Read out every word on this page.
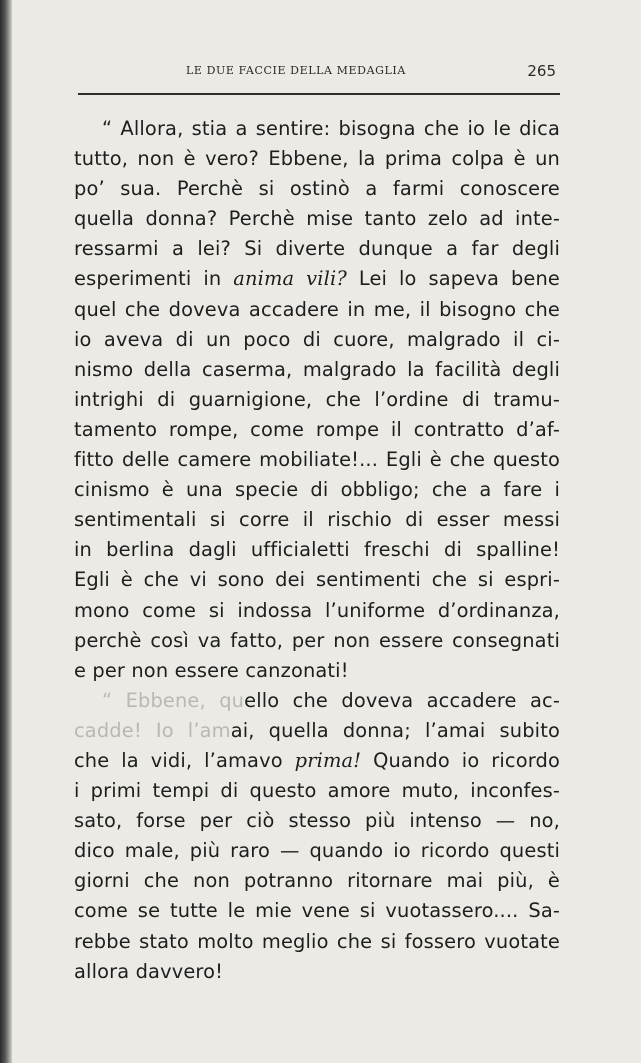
LE DUE FACCIE DELLA MEDAGLIA	265
“ Allora, stia a sentire: bisogna che io le dica
tutto, non è vero? Ebbene, la prima colpa è un
po’ sua. Perchè si ostinò a farmi conoscere
quella donna? Perchè mise tanto zelo ad inte-
ressarmi a lei? Si diverte dunque a far degli
esperimenti in anima vili? Lei lo sapeva bene
quel che doveva accadere in me, il bisogno che
io aveva di un poco di cuore, malgrado il ci-
nismo della caserma, malgrado la facilità degli
intrighi di guarnigione, che l’ordine di tramu-
tamento rompe, come rompe il contratto d’af-
fitto delle camere mobiliate!... Egli è che questo
cinismo è una specie di obbligo; che a fare i
sentimentali si corre il rischio di esser messi
in berlina dagli ufficialetti freschi di spalline!
Egli è che vi sono dei sentimenti che si espri-
mono come si indossa l’uniforme d’ordinanza,
perchè così va fatto, per non essere consegnati
e per non essere canzonati!
“ Ebbene, quello che doveva accadere ac-
cadde! Io l’amai, quella donna; l’amai subito
che la vidi, l’amavo prima! Quando io ricordo
i primi tempi di questo amore muto, inconfes-
sato, forse per ciò stesso più intenso — no,
dico male, più raro — quando io ricordo questi
giorni che non potranno ritornare mai più, è
come se tutte le mie vene si vuotassero.... Sa-
rebbe stato molto meglio che si fossero vuotate
allora davvero!
